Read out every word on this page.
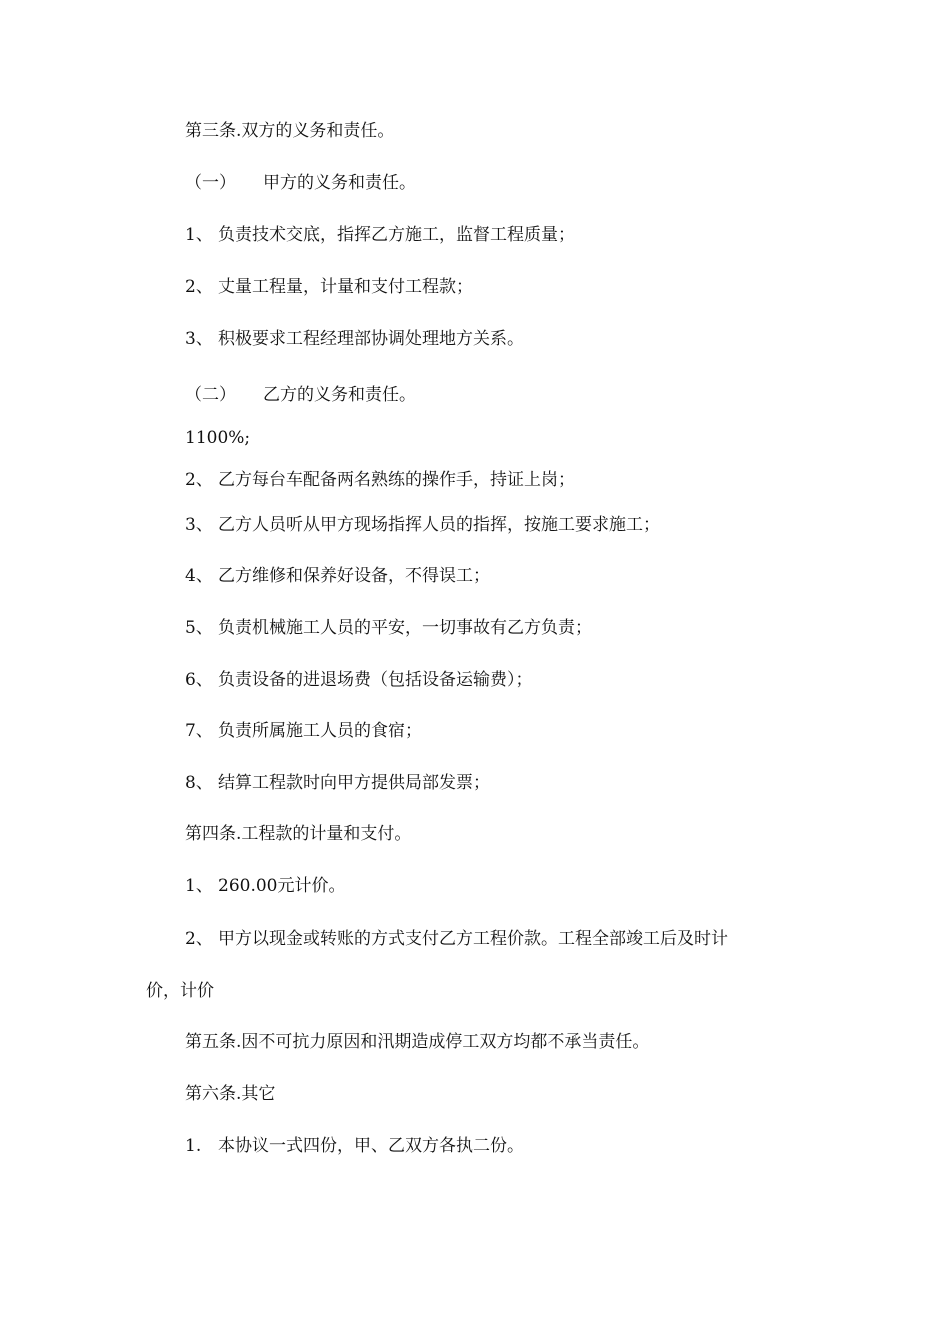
第三条.双方的义务和责任。
（一） 甲方的义务和责任。
1、 负责技术交底，指挥乙方施工，监督工程质量；
2、 丈量工程量，计量和支付工程款；
3、 积极要求工程经理部协调处理地方关系。
（二） 乙方的义务和责任。
1100%;
2、 乙方每台车配备两名熟练的操作手，持证上岗；
3、 乙方人员听从甲方现场指挥人员的指挥，按施工要求施工；
4、 乙方维修和保养好设备，不得误工；
5、 负责机械施工人员的平安，一切事故有乙方负责；
6、 负责设备的进退场费（包括设备运输费）；
7、 负责所属施工人员的食宿；
8、 结算工程款时向甲方提供局部发票；
第四条.工程款的计量和支付。
1、 260.00元计价。
2、 甲方以现金或转账的方式支付乙方工程价款。工程全部竣工后及时计
价，计价
第五条.因不可抗力原因和汛期造成停工双方均都不承当责任。
第六条.其它
1. 本协议一式四份，甲、乙双方各执二份。
